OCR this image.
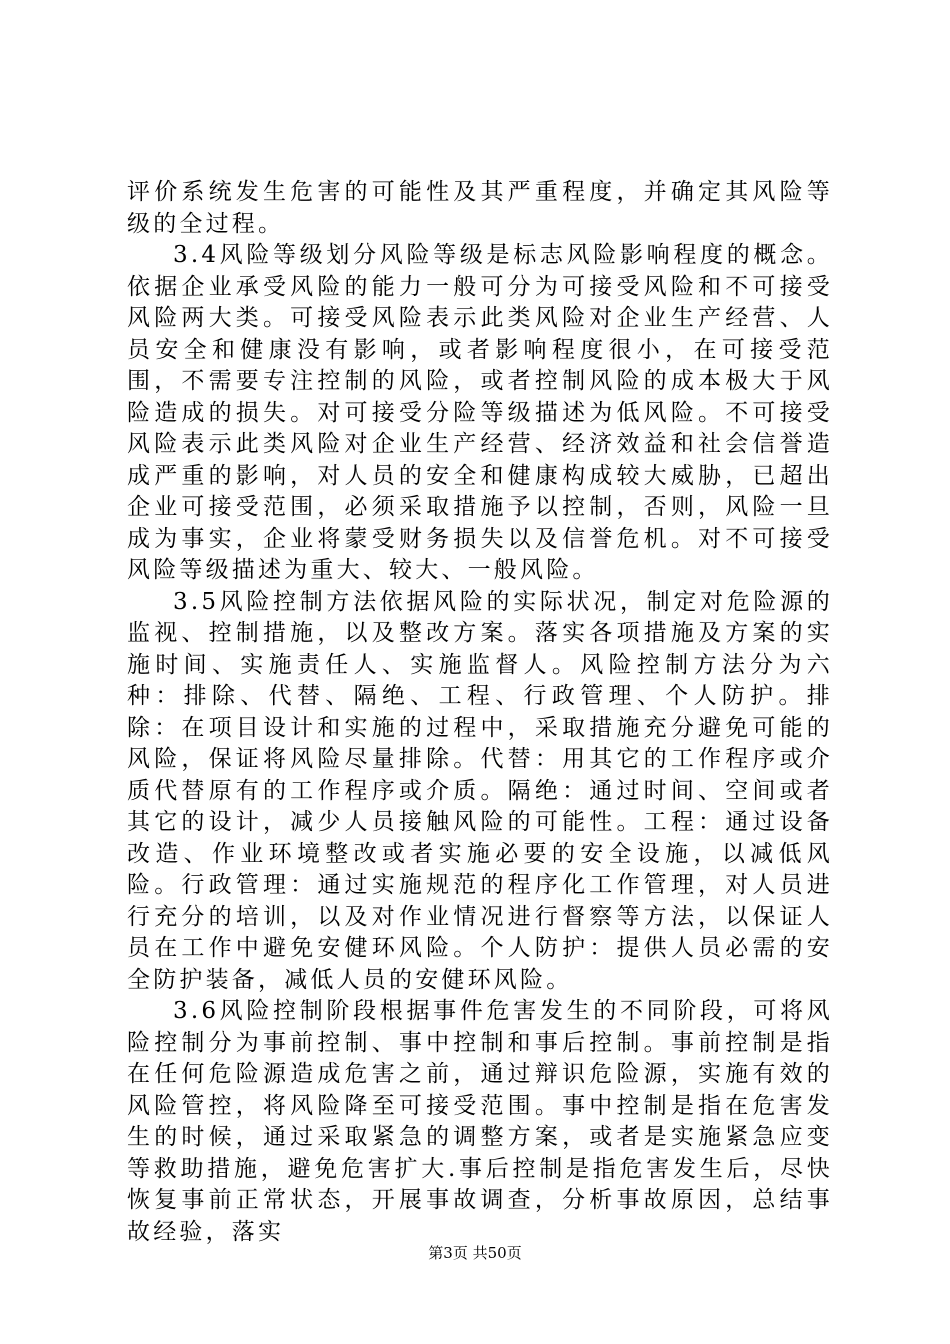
评价系统发生危害的可能性及其严重程度，并确定其风险等级的全过程。

3.4风险等级划分风险等级是标志风险影响程度的概念。依据企业承受风险的能力一般可分为可接受风险和不可接受风险两大类。可接受风险表示此类风险对企业生产经营、人员安全和健康没有影响，或者影响程度很小，在可接受范围，不需要专注控制的风险，或者控制风险的成本极大于风险造成的损失。对可接受分险等级描述为低风险。不可接受风险表示此类风险对企业生产经营、经济效益和社会信誉造成严重的影响，对人员的安全和健康构成较大威胁，已超出企业可接受范围，必须采取措施予以控制，否则，风险一旦成为事实，企业将蒙受财务损失以及信誉危机。对不可接受风险等级描述为重大、较大、一般风险。

3.5风险控制方法依据风险的实际状况，制定对危险源的监视、控制措施，以及整改方案。落实各项措施及方案的实施时间、实施责任人、实施监督人。风险控制方法分为六种：排除、代替、隔绝、工程、行政管理、个人防护。排除：在项目设计和实施的过程中，采取措施充分避免可能的风险，保证将风险尽量排除。代替：用其它的工作程序或介质代替原有的工作程序或介质。隔绝：通过时间、空间或者其它的设计，减少人员接触风险的可能性。工程：通过设备改造、作业环境整改或者实施必要的安全设施，以减低风险。行政管理：通过实施规范的程序化工作管理，对人员进行充分的培训，以及对作业情况进行督察等方法，以保证人员在工作中避免安健环风险。个人防护：提供人员必需的安全防护装备，减低人员的安健环风险。

3.6风险控制阶段根据事件危害发生的不同阶段，可将风险控制分为事前控制、事中控制和事后控制。事前控制是指在任何危险源造成危害之前，通过辩识危险源，实施有效的风险管控，将风险降至可接受范围。事中控制是指在危害发生的时候，通过采取紧急的调整方案，或者是实施紧急应变等救助措施，避免危害扩大.事后控制是指危害发生后，尽快恢复事前正常状态，开展事故调查，分析事故原因，总结事故经验，落实

第3页 共50页
